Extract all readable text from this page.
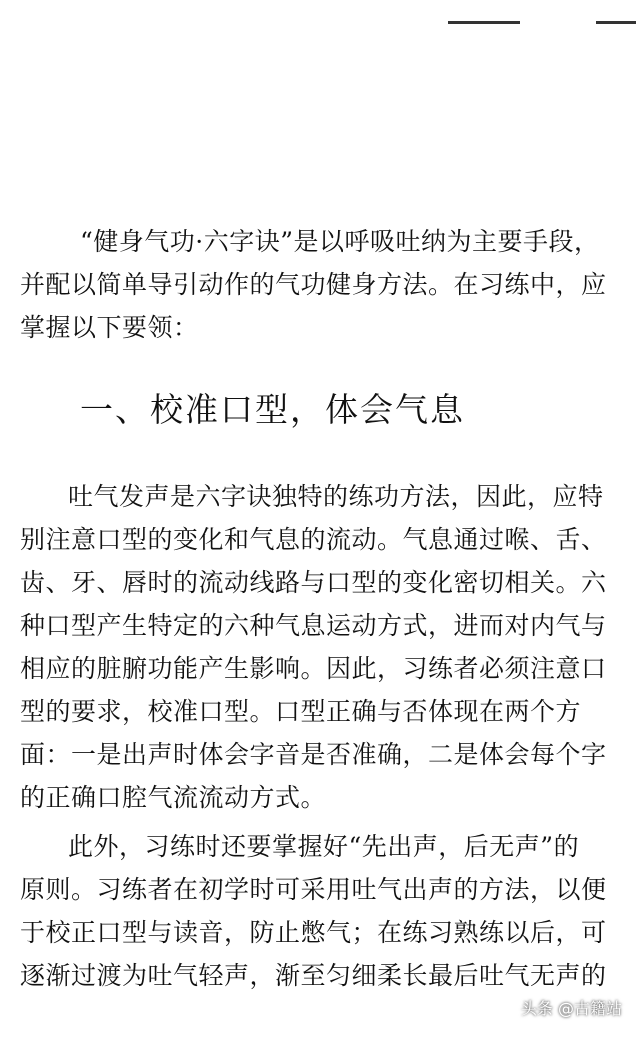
“健身气功·六字诀”是以呼吸吐纳为主要手段，
并配以简单导引动作的气功健身方法。在习练中，应
掌握以下要领：
一、校准口型，体会气息
吐气发声是六字诀独特的练功方法，因此，应特
别注意口型的变化和气息的流动。气息通过喉、舌、
齿、牙、唇时的流动线路与口型的变化密切相关。六
种口型产生特定的六种气息运动方式，进而对内气与
相应的脏腑功能产生影响。因此，习练者必须注意口
型的要求，校准口型。口型正确与否体现在两个方
面：一是出声时体会字音是否准确，二是体会每个字
的正确口腔气流流动方式。
此外，习练时还要掌握好“先出声，后无声”的
原则。习练者在初学时可采用吐气出声的方法，以便
于校正口型与读音，防止憋气；在练习熟练以后，可
逐渐过渡为吐气轻声，渐至匀细柔长最后吐气无声的
头条 @古籍站
